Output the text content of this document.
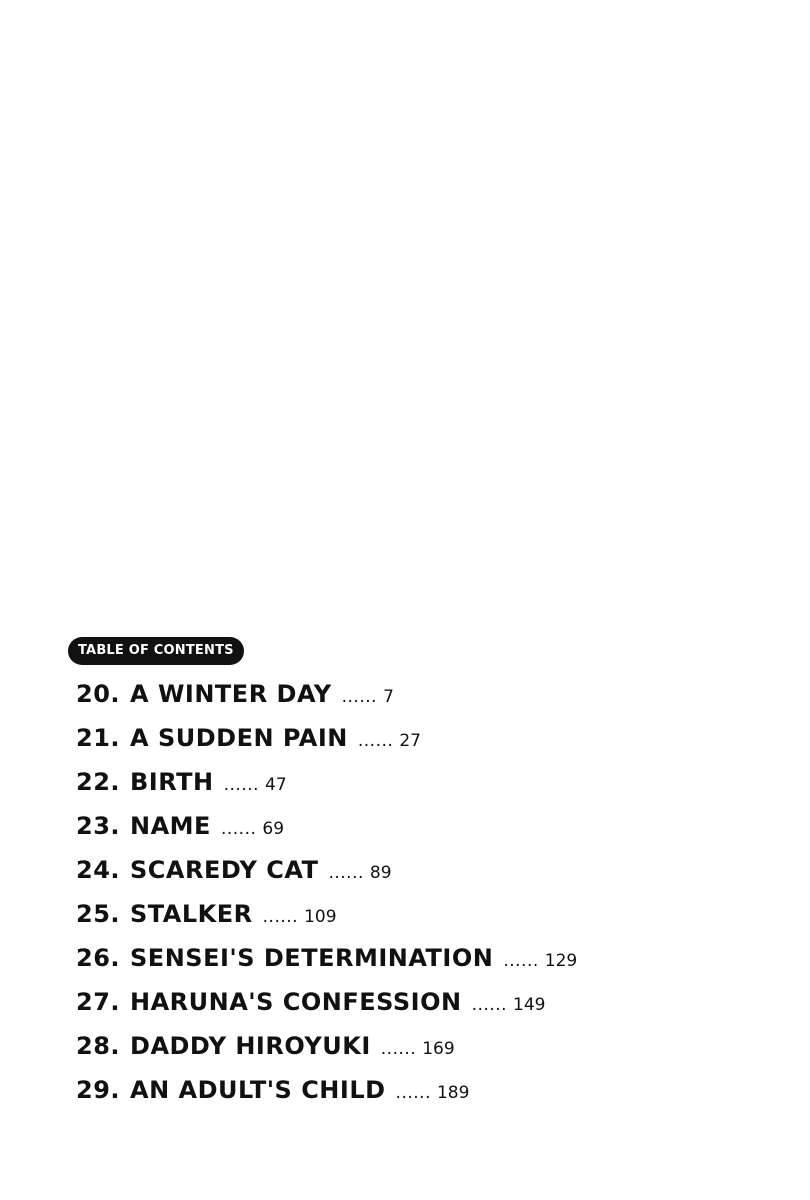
TABLE OF CONTENTS
20. A WINTER DAY ...... 7
21. A SUDDEN PAIN ...... 27
22. BIRTH ...... 47
23. NAME ...... 69
24. SCAREDY CAT ...... 89
25. STALKER ...... 109
26. SENSEI'S DETERMINATION ...... 129
27. HARUNA'S CONFESSION ...... 149
28. DADDY HIROYUKI ...... 169
29. AN ADULT'S CHILD ...... 189
